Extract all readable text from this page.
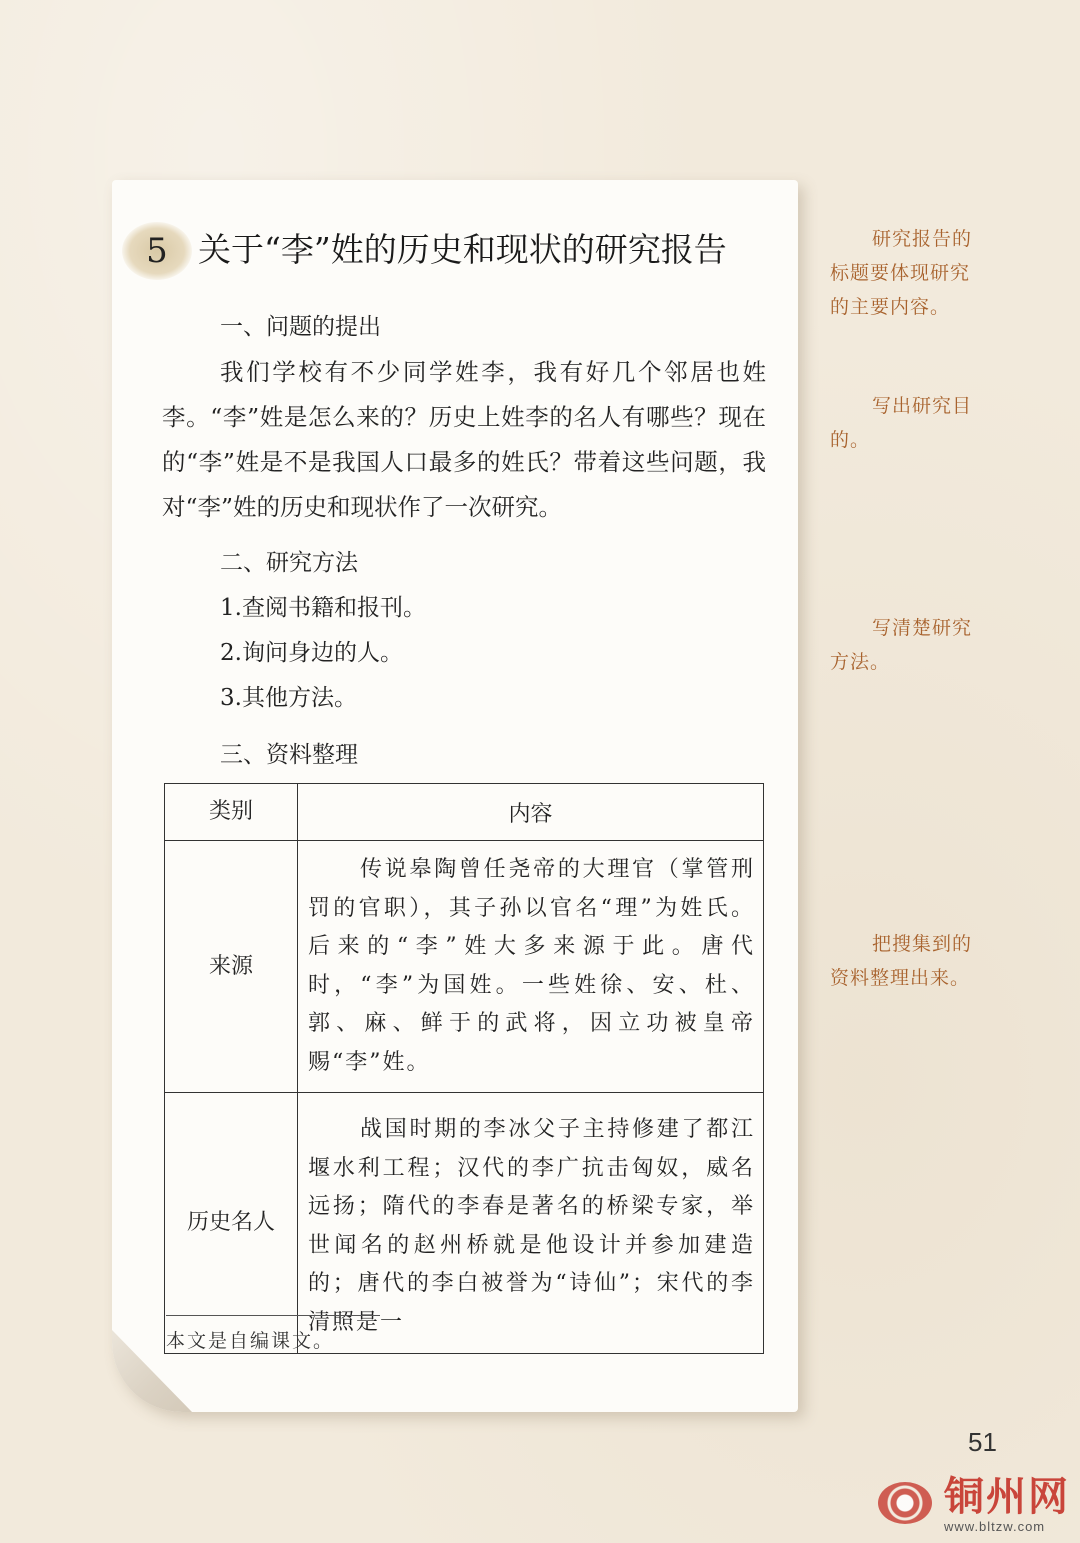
5 关于“李”姓的历史和现状的研究报告
一、问题的提出
我们学校有不少同学姓李，我有好几个邻居也姓李。“李”姓是怎么来的？历史上姓李的名人有哪些？现在的“李”姓是不是我国人口最多的姓氏？带着这些问题，我对“李”姓的历史和现状作了一次研究。
二、研究方法
1.查阅书籍和报刊。
2.询问身边的人。
3.其他方法。
三、资料整理
类别	内容
来源	传说皋陶曾任尧帝的大理官（掌管刑罚的官职），其子孙以官名“理”为姓氏。后来的“李”姓大多来源于此。唐代时，“李”为国姓。一些姓徐、安、杜、郭、麻、鲜于的武将，因立功被皇帝赐“李”姓。
历史名人	战国时期的李冰父子主持修建了都江堰水利工程；汉代的李广抗击匈奴，威名远扬；隋代的李春是著名的桥梁专家，举世闻名的赵州桥就是他设计并参加建造的；唐代的李白被誉为“诗仙”；宋代的李清照是一
本文是自编课文。
研究报告的标题要体现研究的主要内容。
写出研究目的。
写清楚研究方法。
把搜集到的资料整理出来。
51
铜州网
www.bltzw.com
